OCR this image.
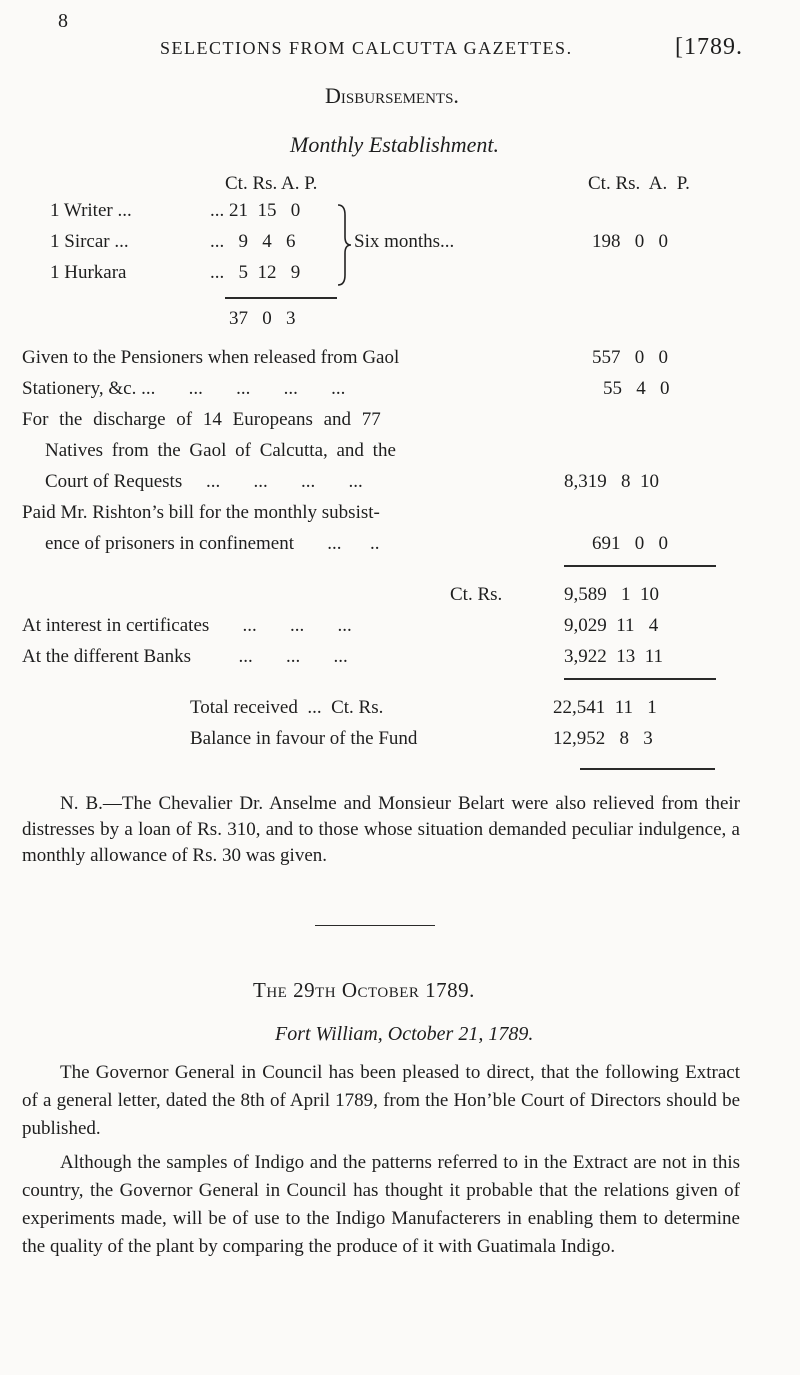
8
SELECTIONS FROM CALCUTTA GAZETTES.	[1789.
Disbursements.
Monthly Establishment.
Ct. Rs. A. P.	Ct. Rs.  A.  P.
1 Writer ...	... 21  15   0
1 Sircar ...	...   9   4   6
1 Hurkara	...   5  12   9
Six months...	198   0   0
37   0   3
Given to the Pensioners when released from Gaol	557   0   0
Stationery, &c. ...       ...       ...       ...       ...	55   4   0
For the discharge of 14 Europeans and 77
Natives from the Gaol of Calcutta, and the
Court of Requests     ...       ...       ...       ...	8,319   8  10
Paid Mr. Rishton’s bill for the monthly subsist-
ence of prisoners in confinement       ...      ..	691   0   0
Ct. Rs.	9,589   1  10
At interest in certificates       ...       ...       ...	9,029  11   4
At the different Banks          ...       ...       ...	3,922  13  11
Total received  ...  Ct. Rs.	22,541  11   1
Balance in favour of the Fund	12,952   8   3
N. B.—The Chevalier Dr. Anselme and Monsieur Belart were also relieved from their distresses by a loan of Rs. 310, and to those whose situation demanded peculiar indulgence, a monthly allowance of Rs. 30 was given.
The 29th October 1789.
Fort William, October 21, 1789.
The Governor General in Council has been pleased to direct, that the following Extract of a general letter, dated the 8th of April 1789, from the Hon’ble Court of Directors should be published.
Although the samples of Indigo and the patterns referred to in the Extract are not in this country, the Governor General in Council has thought it probable that the relations given of experiments made, will be of use to the Indigo Manufacterers in enabling them to determine the quality of the plant by comparing the produce of it with Guatimala Indigo.
